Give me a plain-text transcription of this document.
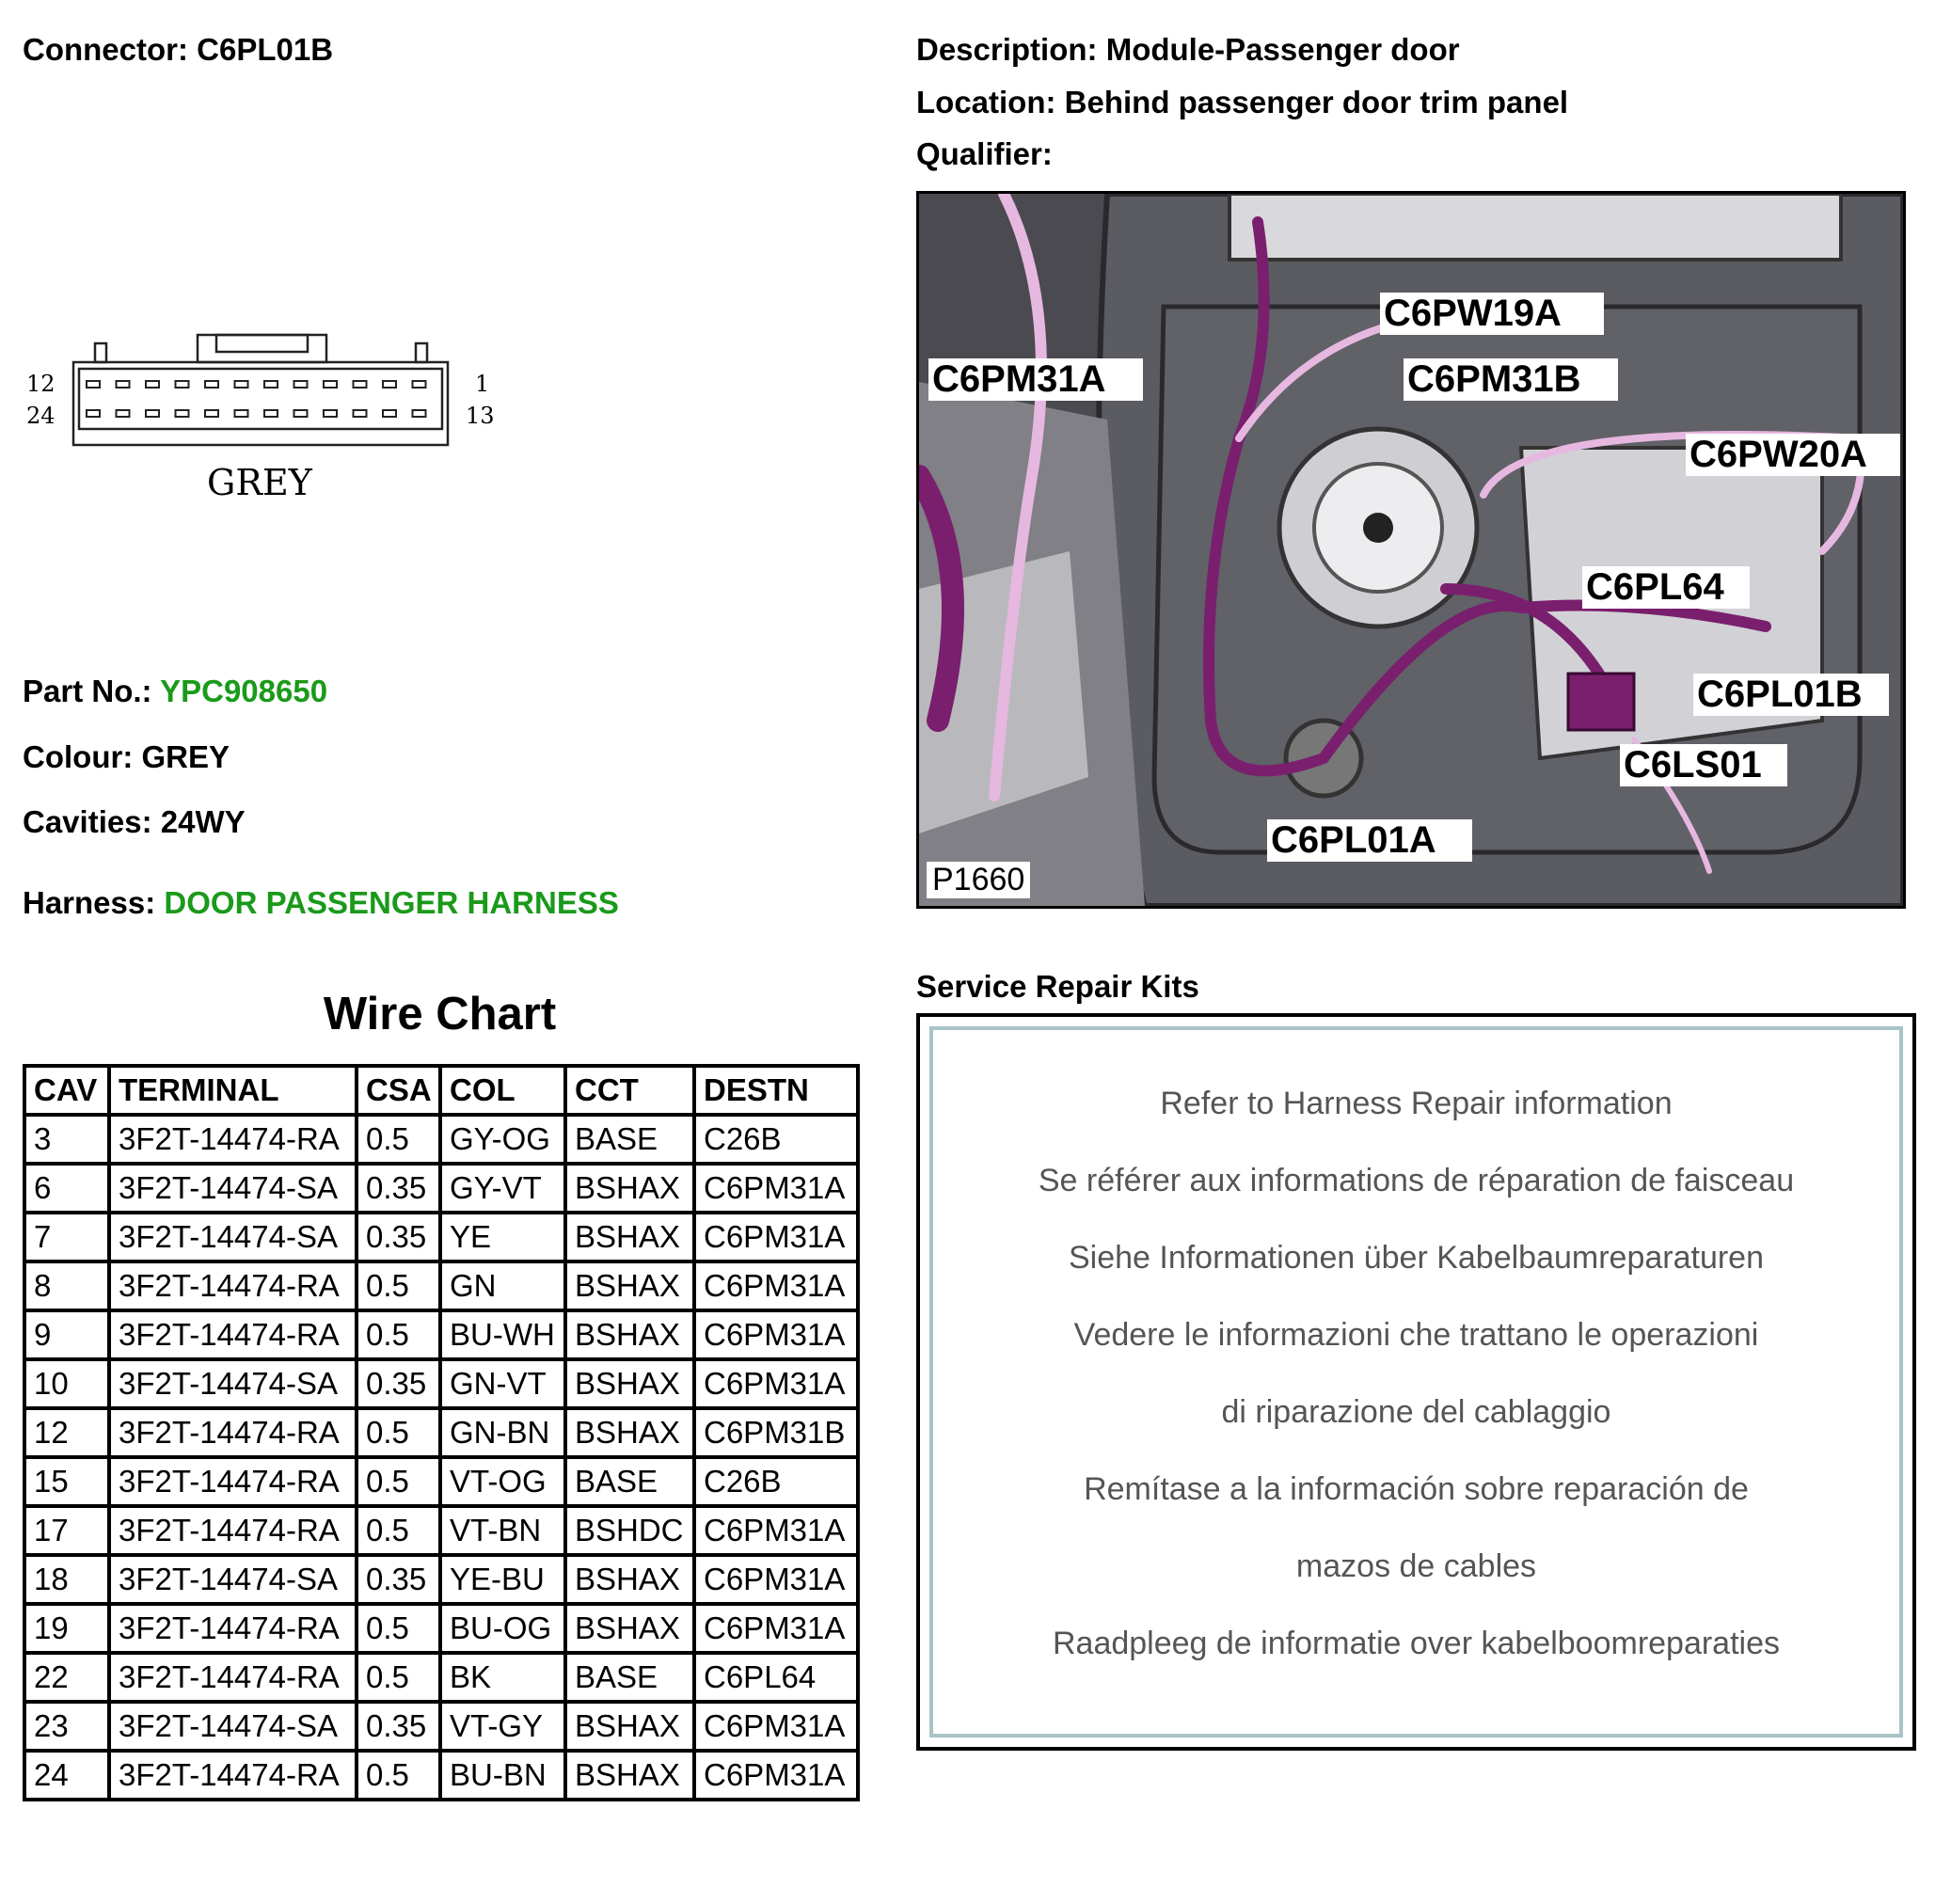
Connector: C6PL01B	Description: Module-Passenger door
Location: Behind passenger door trim panel
Qualifier:
12
24
1
13
GREY
Part No.: YPC908650
Colour: GREY
Cavities: 24WY
Harness: DOOR PASSENGER HARNESS
Wire Chart
CAV	TERMINAL	CSA	COL	CCT	DESTN
3	3F2T-14474-RA	0.5	GY-OG	BASE	C26B
6	3F2T-14474-SA	0.35	GY-VT	BSHAX	C6PM31A
7	3F2T-14474-SA	0.35	YE	BSHAX	C6PM31A
8	3F2T-14474-RA	0.5	GN	BSHAX	C6PM31A
9	3F2T-14474-RA	0.5	BU-WH	BSHAX	C6PM31A
10	3F2T-14474-SA	0.35	GN-VT	BSHAX	C6PM31A
12	3F2T-14474-RA	0.5	GN-BN	BSHAX	C6PM31B
15	3F2T-14474-RA	0.5	VT-OG	BASE	C26B
17	3F2T-14474-RA	0.5	VT-BN	BSHDC	C6PM31A
18	3F2T-14474-SA	0.35	YE-BU	BSHAX	C6PM31A
19	3F2T-14474-RA	0.5	BU-OG	BSHAX	C6PM31A
22	3F2T-14474-RA	0.5	BK	BASE	C6PL64
23	3F2T-14474-SA	0.35	VT-GY	BSHAX	C6PM31A
24	3F2T-14474-RA	0.5	BU-BN	BSHAX	C6PM31A
C6PW19A
C6PM31A	C6PM31B
C6PW20A
C6PL64
C6PL01B
C6LS01
C6PL01A
P1660
Service Repair Kits
Refer to Harness Repair information
Se référer aux informations de réparation de faisceau
Siehe Informationen über Kabelbaumreparaturen
Vedere le informazioni che trattano le operazioni
di riparazione del cablaggio
Remítase a la información sobre reparación de
mazos de cables
Raadpleeg de informatie over kabelboomreparaties
